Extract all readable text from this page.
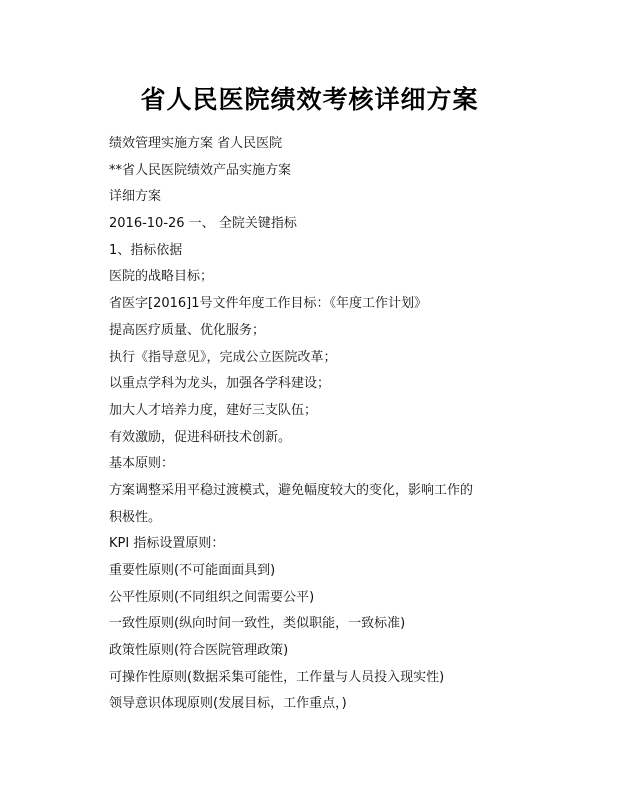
省人民医院绩效考核详细方案
绩效管理实施方案 省人民医院
**省人民医院绩效产品实施方案
详细方案
2016-10-26 一、 全院关键指标
1、指标依据
医院的战略目标；
省医字[2016]1号文件年度工作目标：《年度工作计划》
提高医疗质量、优化服务；
执行《指导意见》，完成公立医院改革；
以重点学科为龙头，加强各学科建设；
加大人才培养力度，建好三支队伍；
有效激励，促进科研技术创新。
基本原则：
方案调整采用平稳过渡模式，避免幅度较大的变化，影响工作的
积极性。
KPI 指标设置原则：
重要性原则(不可能面面具到)
公平性原则(不同组织之间需要公平)
一致性原则(纵向时间一致性，类似职能，一致标准)
政策性原则(符合医院管理政策)
可操作性原则(数据采集可能性，工作量与人员投入现实性)
领导意识体现原则(发展目标，工作重点，)
